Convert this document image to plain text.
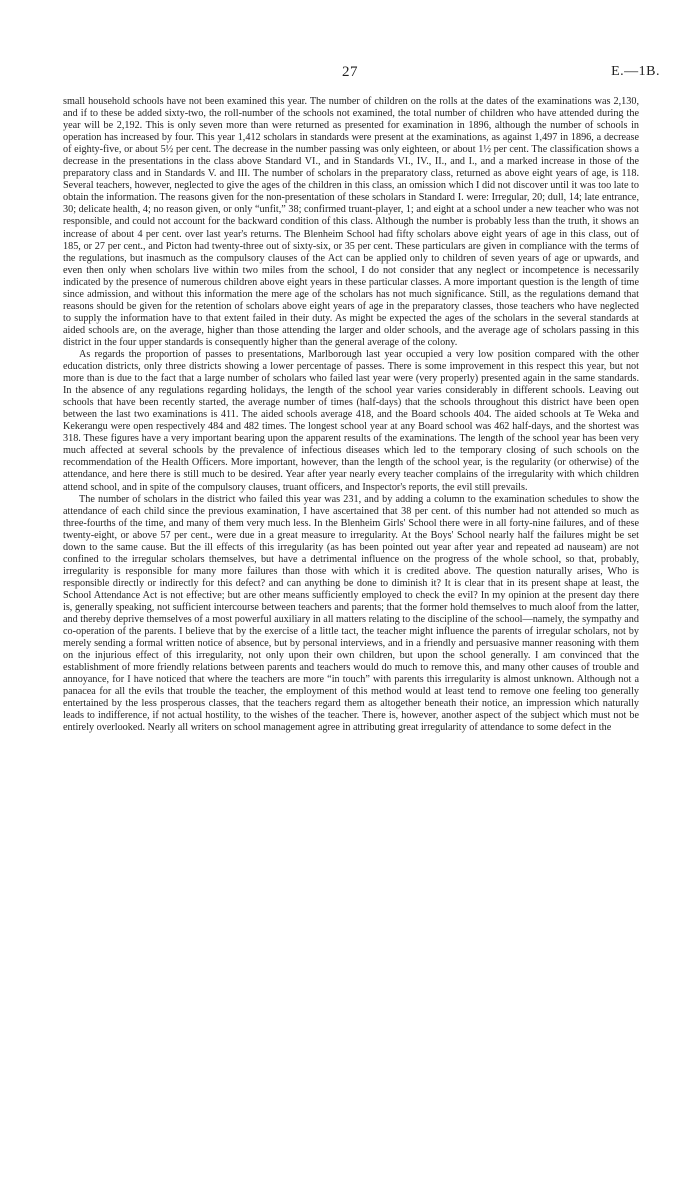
27	E.—1B.

small household schools have not been examined this year. The number of children on the rolls at the dates of the examinations was 2,130, and if to these be added sixty-two, the roll-number of the schools not examined, the total number of children who have attended during the year will be 2,192. This is only seven more than were returned as presented for examination in 1896, although the number of schools in operation has increased by four. This year 1,412 scholars in standards were present at the examinations, as against 1,497 in 1896, a decrease of eighty-five, or about 5½ per cent. The decrease in the number passing was only eighteen, or about 1½ per cent. The classification shows a decrease in the presentations in the class above Standard VI., and in Standards VI., IV., II., and I., and a marked increase in those of the preparatory class and in Standards V. and III. The number of scholars in the preparatory class, returned as above eight years of age, is 118. Several teachers, however, neglected to give the ages of the children in this class, an omission which I did not discover until it was too late to obtain the information. The reasons given for the non-presentation of these scholars in Standard I. were: Irregular, 20; dull, 14; late entrance, 30; delicate health, 4; no reason given, or only “unfit,” 38; confirmed truant-player, 1; and eight at a school under a new teacher who was not responsible, and could not account for the backward condition of this class. Although the number is probably less than the truth, it shows an increase of about 4 per cent. over last year's returns. The Blenheim School had fifty scholars above eight years of age in this class, out of 185, or 27 per cent., and Picton had twenty-three out of sixty-six, or 35 per cent. These particulars are given in compliance with the terms of the regulations, but inasmuch as the compulsory clauses of the Act can be applied only to children of seven years of age or upwards, and even then only when scholars live within two miles from the school, I do not consider that any neglect or incompetence is necessarily indicated by the presence of numerous children above eight years in these particular classes. A more important question is the length of time since admission, and without this information the mere age of the scholars has not much significance. Still, as the regulations demand that reasons should be given for the retention of scholars above eight years of age in the preparatory classes, those teachers who have neglected to supply the information have to that extent failed in their duty. As might be expected the ages of the scholars in the several standards at aided schools are, on the average, higher than those attending the larger and older schools, and the average age of scholars passing in this district in the four upper standards is consequently higher than the general average of the colony.

As regards the proportion of passes to presentations, Marlborough last year occupied a very low position compared with the other education districts, only three districts showing a lower percentage of passes. There is some improvement in this respect this year, but not more than is due to the fact that a large number of scholars who failed last year were (very properly) presented again in the same standards. In the absence of any regulations regarding holidays, the length of the school year varies considerably in different schools. Leaving out schools that have been recently started, the average number of times (half-days) that the schools throughout this district have been open between the last two examinations is 411. The aided schools average 418, and the Board schools 404. The aided schools at Te Weka and Kekerangu were open respectively 484 and 482 times. The longest school year at any Board school was 462 half-days, and the shortest was 318. These figures have a very important bearing upon the apparent results of the examinations. The length of the school year has been very much affected at several schools by the prevalence of infectious diseases which led to the temporary closing of such schools on the recommendation of the Health Officers. More important, however, than the length of the school year, is the regularity (or otherwise) of the attendance, and here there is still much to be desired. Year after year nearly every teacher complains of the irregularity with which children attend school, and in spite of the compulsory clauses, truant officers, and Inspector's reports, the evil still prevails.

The number of scholars in the district who failed this year was 231, and by adding a column to the examination schedules to show the attendance of each child since the previous examination, I have ascertained that 38 per cent. of this number had not attended so much as three-fourths of the time, and many of them very much less. In the Blenheim Girls' School there were in all forty-nine failures, and of these twenty-eight, or above 57 per cent., were due in a great measure to irregularity. At the Boys' School nearly half the failures might be set down to the same cause. But the ill effects of this irregularity (as has been pointed out year after year and repeated ad nauseam) are not confined to the irregular scholars themselves, but have a detrimental influence on the progress of the whole school, so that, probably, irregularity is responsible for many more failures than those with which it is credited above. The question naturally arises, Who is responsible directly or indirectly for this defect? and can anything be done to diminish it? It is clear that in its present shape at least, the School Attendance Act is not effective; but are other means sufficiently employed to check the evil? In my opinion at the present day there is, generally speaking, not sufficient intercourse between teachers and parents; that the former hold themselves to much aloof from the latter, and thereby deprive themselves of a most powerful auxiliary in all matters relating to the discipline of the school—namely, the sympathy and co-operation of the parents. I believe that by the exercise of a little tact, the teacher might influence the parents of irregular scholars, not by merely sending a formal written notice of absence, but by personal interviews, and in a friendly and persuasive manner reasoning with them on the injurious effect of this irregularity, not only upon their own children, but upon the school generally. I am convinced that the establishment of more friendly relations between parents and teachers would do much to remove this, and many other causes of trouble and annoyance, for I have noticed that where the teachers are more “in touch” with parents this irregularity is almost unknown. Although not a panacea for all the evils that trouble the teacher, the employment of this method would at least tend to remove one feeling too generally entertained by the less prosperous classes, that the teachers regard them as altogether beneath their notice, an impression which naturally leads to indifference, if not actual hostility, to the wishes of the teacher. There is, however, another aspect of the subject which must not be entirely overlooked. Nearly all writers on school management agree in attributing great irregularity of attendance to some defect in the
